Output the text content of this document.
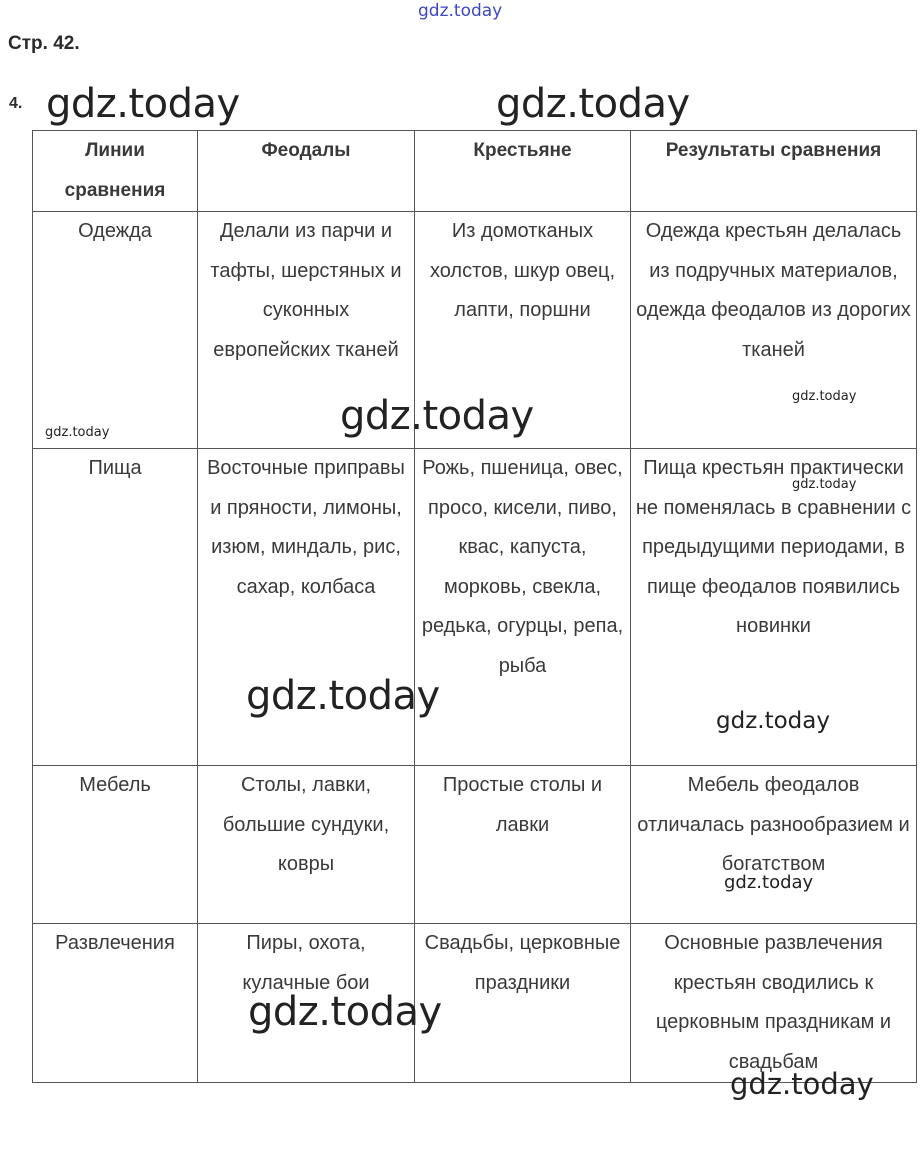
Стр. 42.
4.
Линии сравнения	Феодалы	Крестьяне	Результаты сравнения
Одежда	Делали из парчи и тафты, шерстяных и суконных европейских тканей	Из домотканых холстов, шкур овец, лапти, поршни	Одежда крестьян делалась из подручных материалов, одежда феодалов из дорогих тканей
Пища	Восточные приправы и пряности, лимоны, изюм, миндаль, рис, сахар, колбаса	Рожь, пшеница, овес, просо, кисели, пиво, квас, капуста, морковь, свекла, редька, огурцы, репа, рыба	Пища крестьян практически не поменялась в сравнении с предыдущими периодами, в пище феодалов появились новинки
Мебель	Столы, лавки, большие сундуки, ковры	Простые столы и лавки	Мебель феодалов отличалась разнообразием и богатством
Развлечения	Пиры, охота, кулачные бои	Свадьбы, церковные праздники	Основные развлечения крестьян сводились к церковным праздникам и свадьбам
gdz.today
gdz.today	gdz.today
gdz.today	gdz.today	gdz.today
gdz.today
gdz.today
gdz.today
gdz.today
gdz.today
gdz.today
